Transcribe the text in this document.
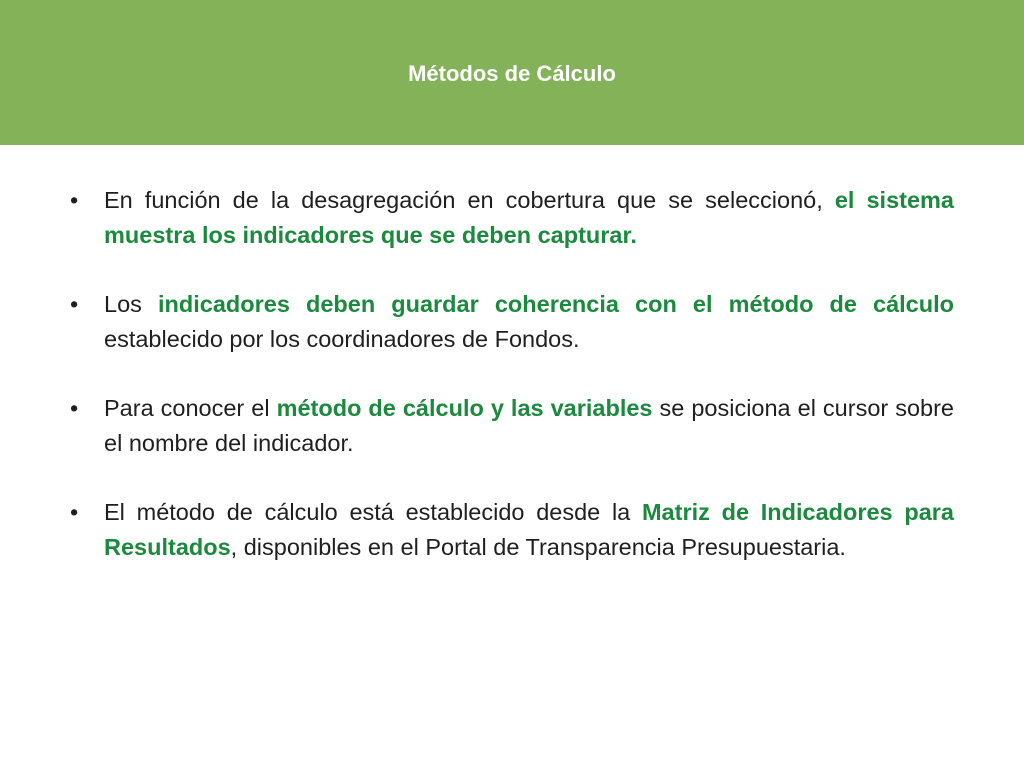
Métodos de Cálculo
•	En función de la desagregación en cobertura que se seleccionó, el sistema muestra los indicadores que se deben capturar.
•	Los indicadores deben guardar coherencia con el método de cálculo establecido por los coordinadores de Fondos.
•	Para conocer el método de cálculo y las variables se posiciona el cursor sobre el nombre del indicador.
•	El método de cálculo está establecido desde la Matriz de Indicadores para Resultados, disponibles en el Portal de Transparencia Presupuestaria.
